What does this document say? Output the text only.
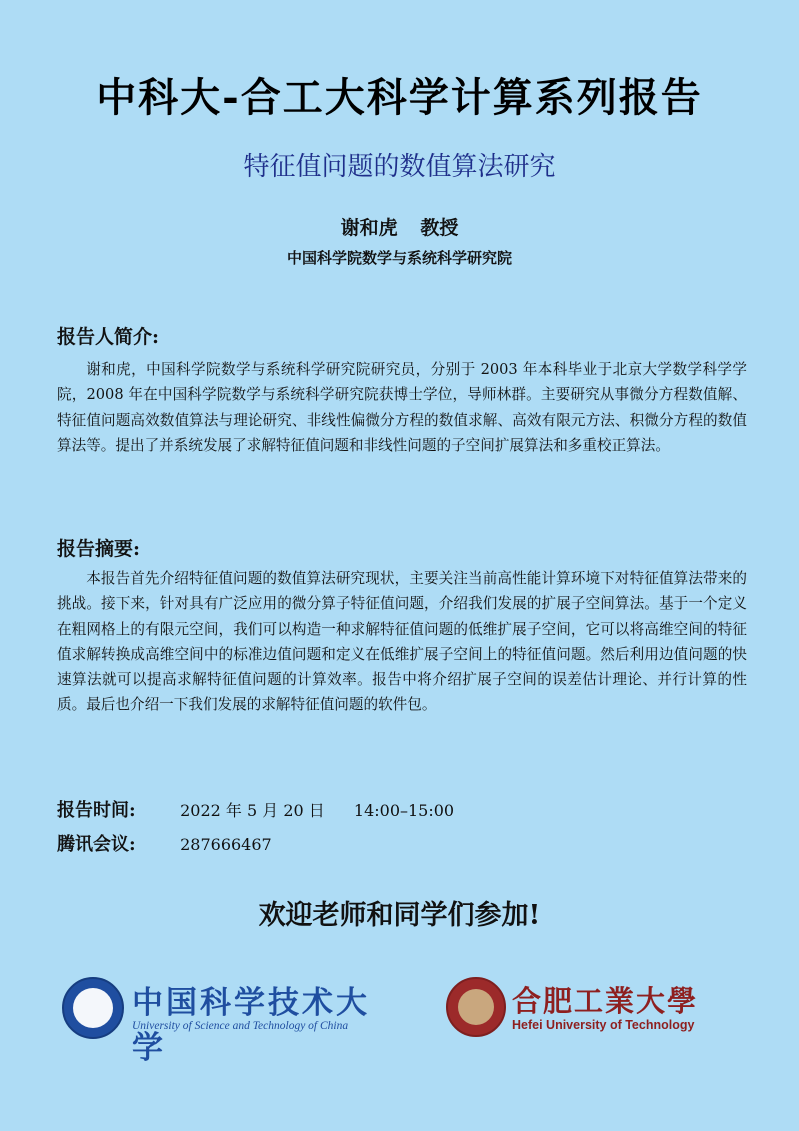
中科大-合工大科学计算系列报告
特征值问题的数值算法研究
谢和虎 教授
中国科学院数学与系统科学研究院
报告人简介:
谢和虎，中国科学院数学与系统科学研究院研究员，分别于 2003 年本科毕业于北京大学数学科学学院，2008 年在中国科学院数学与系统科学研究院获博士学位，导师林群。主要研究从事微分方程数值解、特征值问题高效数值算法与理论研究、非线性偏微分方程的数值求解、高效有限元方法、积微分方程的数值算法等。提出了并系统发展了求解特征值问题和非线性问题的子空间扩展算法和多重校正算法。
报告摘要:
本报告首先介绍特征值问题的数值算法研究现状，主要关注当前高性能计算环境下对特征值算法带来的挑战。接下来，针对具有广泛应用的微分算子特征值问题，介绍我们发展的扩展子空间算法。基于一个定义在粗网格上的有限元空间，我们可以构造一种求解特征值问题的低维扩展子空间，它可以将高维空间的特征值求解转换成高维空间中的标准边值问题和定义在低维扩展子空间上的特征值问题。然后利用边值问题的快速算法就可以提高求解特征值问题的计算效率。报告中将介绍扩展子空间的误差估计理论、并行计算的性质。最后也介绍一下我们发展的求解特征值问题的软件包。
报告时间:	2022 年 5 月 20 日 14:00–15:00
腾讯会议:	287666467
欢迎老师和同学们参加!
中国科学技术大学
University of Science and Technology of China
合肥工業大學
Hefei University of Technology
